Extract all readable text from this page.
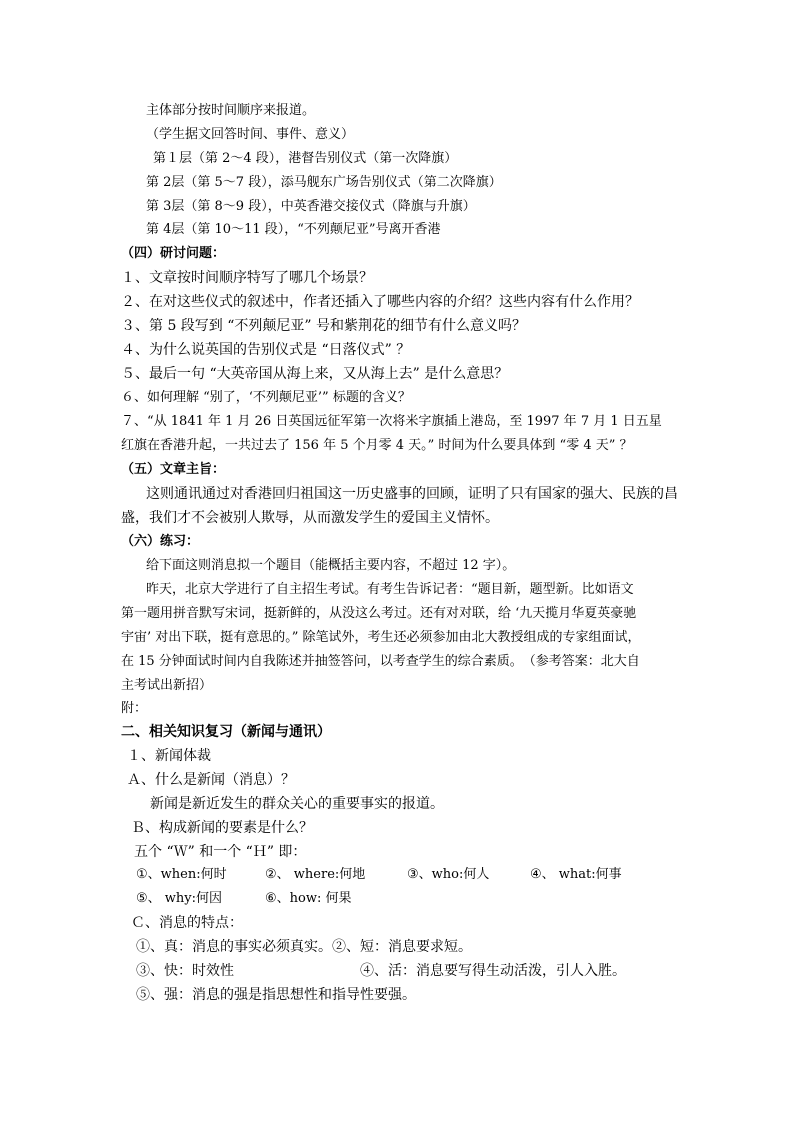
主体部分按时间顺序来报道。
（学生据文回答时间、事件、意义）
第１层（第 2～4 段），港督告别仪式（第一次降旗）
第 2层（第 5～7 段），添马舰东广场告别仪式（第二次降旗）
第 3层（第 8～9 段），中英香港交接仪式（降旗与升旗）
第 4层（第 10～11 段），“不列颠尼亚”号离开香港
（四）研讨问题：
１、文章按时间顺序特写了哪几个场景？
２、在对这些仪式的叙述中，作者还插入了哪些内容的介绍？这些内容有什么作用？
３、第 5 段写到 “不列颠尼亚” 号和紫荆花的细节有什么意义吗？
４、为什么说英国的告别仪式是 “日落仪式” ？
５、最后一句 “大英帝国从海上来，又从海上去” 是什么意思？
６、如何理解 “别了，‘不列颠尼亚’” 标题的含义？
７、“从 1841 年 1 月 26 日英国远征军第一次将米字旗插上港岛，至 1997 年 7 月 1 日五星
红旗在香港升起，一共过去了 156 年 5 个月零 4 天。” 时间为什么要具体到 “零 4 天” ？
（五）文章主旨：
这则通讯通过对香港回归祖国这一历史盛事的回顾，证明了只有国家的强大、民族的昌
盛，我们才不会被别人欺辱，从而激发学生的爱国主义情怀。
（六）练习：
给下面这则消息拟一个题目（能概括主要内容，不超过 12 字）。
昨天，北京大学进行了自主招生考试。有考生告诉记者：“题目新，题型新。比如语文
第一题用拼音默写宋词，挺新鲜的，从没这么考过。还有对对联，给 ‘九天揽月华夏英豪驰
宇宙’ 对出下联，挺有意思的。” 除笔试外，考生还必须参加由北大教授组成的专家组面试，
在 15 分钟面试时间内自我陈述并抽签答问，以考查学生的综合素质。　（参考答案：北大自
主考试出新招）
附：
二、相关知识复习（新闻与通讯）
１、新闻体裁
Ａ、什么是新闻（消息）？
新闻是新近发生的群众关心的重要事实的报道。
Ｂ、构成新闻的要素是什么？
五个 “Ｗ” 和一个 “Ｈ” 即：
①、when:何时	②、 where:何地	③、who:何人	④、 what:何事
⑤、 why:何因	⑥、how: 何果
Ｃ、消息的特点：
①、真：消息的事实必须真实。②、短：消息要求短。
③、快：时效性	④、活：消息要写得生动活泼，引人入胜。
⑤、强：消息的强是指思想性和指导性要强。
